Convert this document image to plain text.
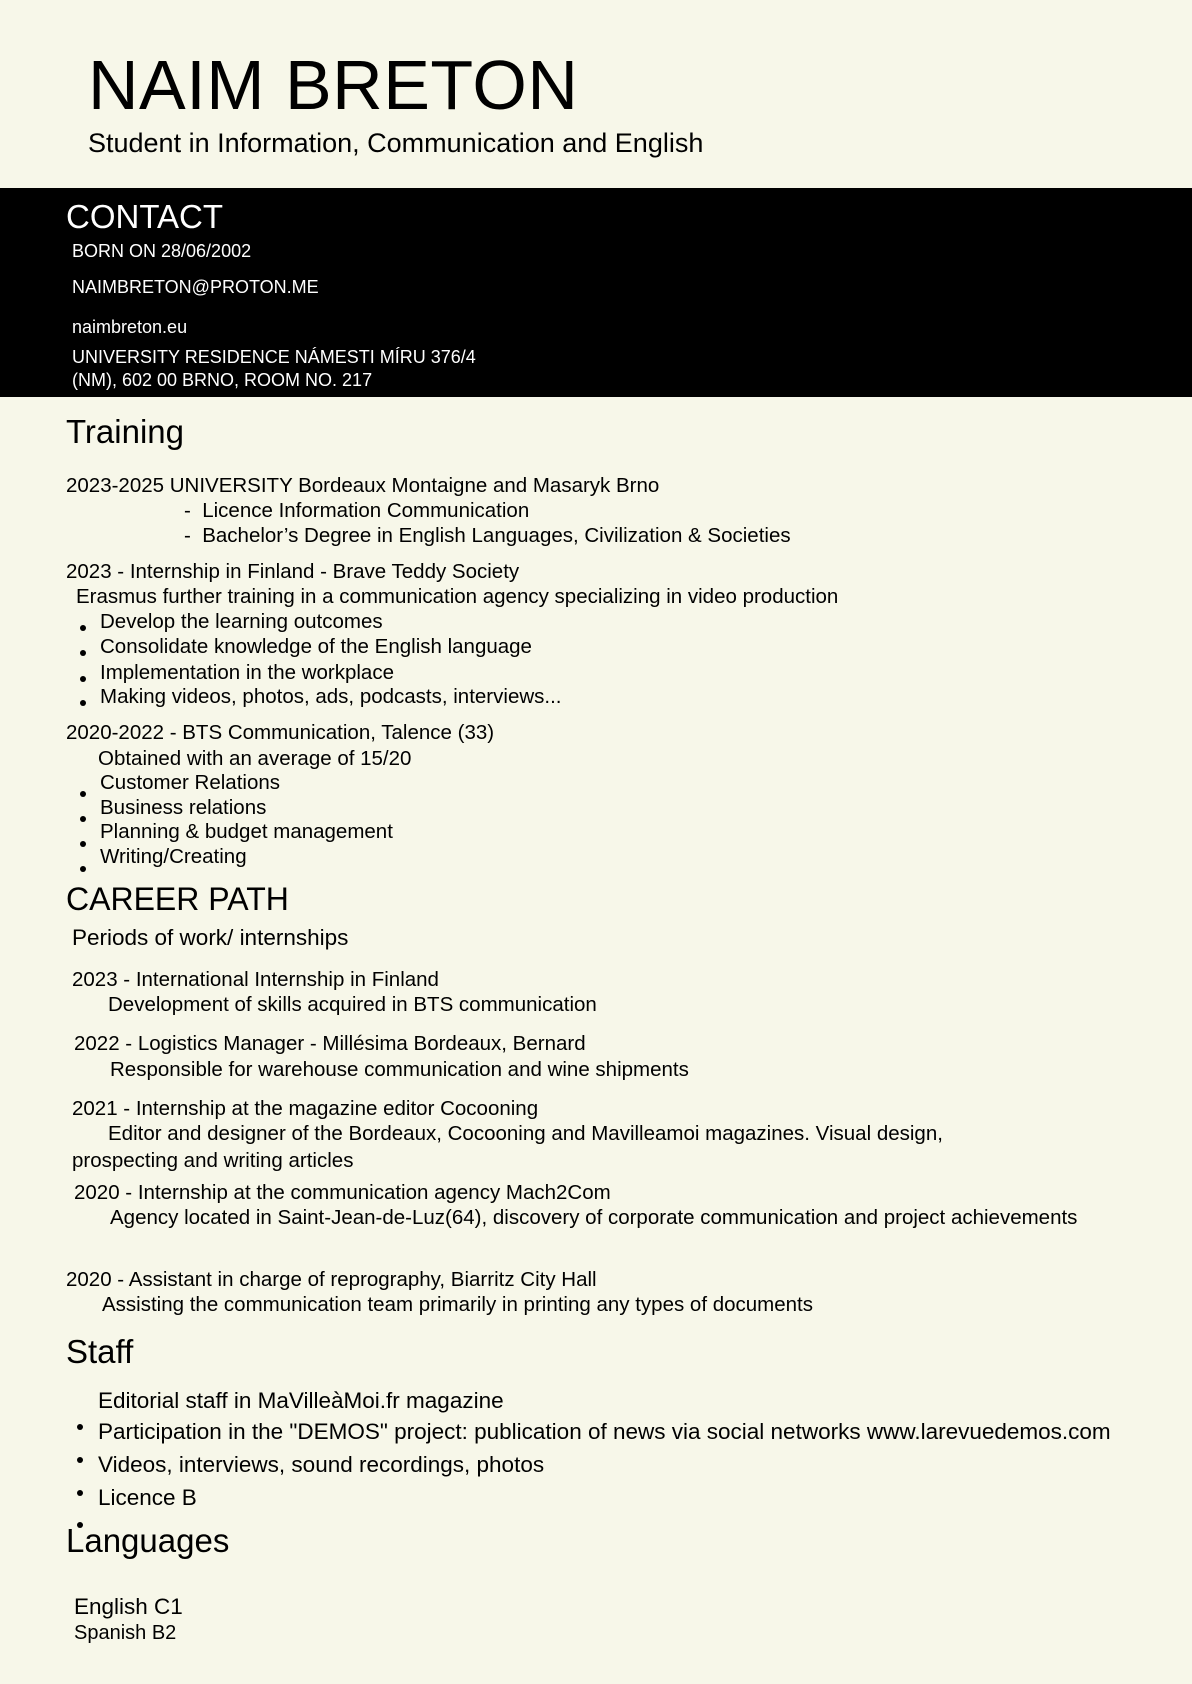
NAIM BRETON
Student in Information, Communication and English
CONTACT
BORN ON 28/06/2002
NAIMBRETON@PROTON.ME
naimbreton.eu
UNIVERSITY RESIDENCE NÁMESTI MÍRU 376/4
(NM), 602 00 BRNO, ROOM NO. 217
Training
2023-2025 UNIVERSITY Bordeaux Montaigne and Masaryk Brno
-  Licence Information Communication
-  Bachelor’s Degree in English Languages, Civilization & Societies
2023 - Internship in Finland - Brave Teddy Society
Erasmus further training in a communication agency specializing in video production
Develop the learning outcomes
Consolidate knowledge of the English language
Implementation in the workplace
Making videos, photos, ads, podcasts, interviews...
2020-2022 - BTS Communication, Talence (33)
Obtained with an average of 15/20
Customer Relations
Business relations
Planning & budget management
Writing/Creating
CAREER PATH
Periods of work/ internships
2023 - International Internship in Finland
Development of skills acquired in BTS communication
2022 - Logistics Manager - Millésima Bordeaux, Bernard
Responsible for warehouse communication and wine shipments
2021 - Internship at the magazine editor Cocooning
Editor and designer of the Bordeaux, Cocooning and Mavilleamoi magazines. Visual design,
prospecting and writing articles
2020 - Internship at the communication agency Mach2Com
Agency located in Saint-Jean-de-Luz(64), discovery of corporate communication and project achievements
2020 - Assistant in charge of reprography, Biarritz City Hall
Assisting the communication team primarily in printing any types of documents
Staff
Editorial staff in MaVilleàMoi.fr magazine
Participation in the "DEMOS" project: publication of news via social networks www.larevuedemos.com
Videos, interviews, sound recordings, photos
Licence B
Languages
English C1
Spanish B2
